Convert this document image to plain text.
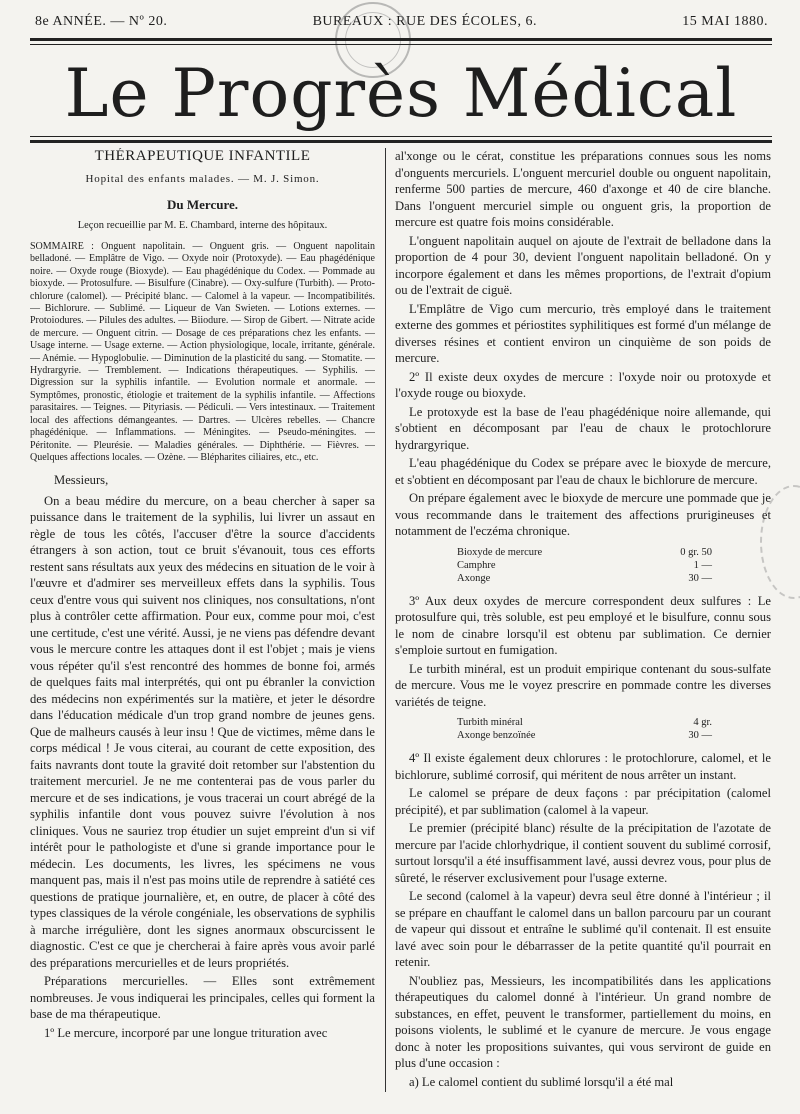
8e ANNÉE. — Nº 20.	BUREAUX : RUE DES ÉCOLES, 6.	15 MAI 1880.
Le Progrès Médical
THÉRAPEUTIQUE INFANTILE
Hopital des enfants malades. — M. J. Simon.
Du Mercure.
Leçon recueillie par M. E. Chambard, interne des hôpitaux.
SOMMAIRE : Onguent napolitain. — Onguent gris. — Onguent napolitain belladoné. — Emplâtre de Vigo. — Oxyde noir (Protoxyde). — Eau phagédénique noire. — Oxyde rouge (Bioxyde). — Eau phagédénique du Codex. — Pommade au bioxyde. — Protosulfure. — Bisulfure (Cinabre). — Oxy-sulfure (Turbith). — Proto-chlorure (calomel). — Précipité blanc. — Calomel à la vapeur. — Incompatibilités. — Bichlorure. — Sublimé. — Liqueur de Van Swieten. — Lotions externes. — Protoiodures. — Pilules des adultes. — Biiodure. — Sirop de Gibert. — Nitrate acide de mercure. — Onguent citrin. — Dosage de ces préparations chez les enfants. — Usage interne. — Usage externe. — Action physiologique, locale, irritante, générale. — Anémie. — Hypoglobulie. — Diminution de la plasticité du sang. — Stomatite. — Hydrargyrie. — Tremblement. — Indications thérapeutiques. — Syphilis. — Digression sur la syphilis infantile. — Evolution normale et anormale. — Symptômes, pronostic, étiologie et traitement de la syphilis infantile. — Affections parasitaires. — Teignes. — Pityriasis. — Pédiculi. — Vers intestinaux. — Traitement local des affections démangeantes. — Dartres. — Ulcères rebelles. — Chancre phagédénique. — Inflammations. — Méningites. — Pseudo-méningites. — Péritonite. — Pleurésie. — Maladies générales. — Diphthérie. — Fièvres. — Quelques affections locales. — Ozène. — Blépharites ciliaires, etc., etc.

Messieurs,

On a beau médire du mercure, on a beau chercher à saper sa puissance dans le traitement de la syphilis, lui livrer un assaut en règle de tous les côtés, l'accuser d'être la source d'accidents étrangers à son action, tout ce bruit s'évanouit, tous ces efforts restent sans résultats aux yeux des médecins en situation de le voir à l'œuvre et d'admirer ses merveilleux effets dans la syphilis. Tous ceux d'entre vous qui suivent nos cliniques, nos consultations, n'ont plus à contrôler cette affirmation. Pour eux, comme pour moi, c'est une certitude, c'est une vérité. Aussi, je ne viens pas défendre devant vous le mercure contre les attaques dont il est l'objet ; mais je viens vous répéter qu'il s'est rencontré des hommes de bonne foi, armés de quelques faits mal interprétés, qui ont pu ébranler la conviction des médecins non expérimentés sur la matière, et jeter le désordre dans l'éducation médicale d'un trop grand nombre de jeunes gens. Que de malheurs causés à leur insu ! Que de victimes, même dans le corps médical ! Je vous citerai, au courant de cette exposition, des faits navrants dont toute la gravité doit retomber sur l'abstention du traitement mercuriel. Je ne me contenterai pas de vous parler du mercure et de ses indications, je vous tracerai un court abrégé de la syphilis infantile dont vous pouvez suivre l'évolution à nos cliniques. Vous ne sauriez trop étudier un sujet empreint d'un si vif intérêt pour le pathologiste et d'une si grande importance pour le médecin. Les documents, les livres, les spécimens ne vous manquent pas, mais il n'est pas moins utile de reprendre à satiété ces questions de pratique journalière, et, en outre, de placer à côté des types classiques de la vérole congéniale, les observations de syphilis à marche irrégulière, dont les signes anormaux obscurcissent le diagnostic. C'est ce que je chercherai à faire après vous avoir parlé des préparations mercurielles et de leurs propriétés.

Préparations mercurielles. — Elles sont extrêmement nombreuses. Je vous indiquerai les principales, celles qui forment la base de ma thérapeutique.

1º Le mercure, incorporé par une longue trituration avec

al'xonge ou le cérat, constitue les préparations connues sous les noms d'onguents mercuriels. L'onguent mercuriel double ou onguent napolitain, renferme 500 parties de mercure, 460 d'axonge et 40 de cire blanche. Dans l'onguent mercuriel simple ou onguent gris, la proportion de mercure est quatre fois moins considérable.

L'onguent napolitain auquel on ajoute de l'extrait de belladone dans la proportion de 4 pour 30, devient l'onguent napolitain belladoné. On y incorpore également et dans les mêmes proportions, de l'extrait d'opium ou de l'extrait de ciguë.

L'Emplâtre de Vigo cum mercurio, très employé dans le traitement externe des gommes et périostites syphilitiques est formé d'un mélange de diverses résines et contient environ un cinquième de son poids de mercure.

2º Il existe deux oxydes de mercure : l'oxyde noir ou protoxyde et l'oxyde rouge ou bioxyde.

Le protoxyde est la base de l'eau phagédénique noire allemande, qui s'obtient en décomposant par l'eau de chaux le protochlorure hydrargyrique.

L'eau phagédénique du Codex se prépare avec le bioxyde de mercure, et s'obtient en décomposant par l'eau de chaux le bichlorure de mercure.

On prépare également avec le bioxyde de mercure une pommade que je vous recommande dans le traitement des affections prurigineuses et notamment de l'eczéma chronique.

Bioxyde de mercure	0 gr. 50
Camphre	1 —
Axonge	30 —

3º Aux deux oxydes de mercure correspondent deux sulfures : Le protosulfure qui, très soluble, est peu employé et le bisulfure, connu sous le nom de cinabre lorsqu'il est obtenu par sublimation. Ce dernier s'emploie surtout en fumigation.

Le turbith minéral, est un produit empirique contenant du sous-sulfate de mercure. Vous me le voyez prescrire en pommade contre les diverses variétés de teigne.

Turbith minéral	4 gr.
Axonge benzoïnée	30 —

4º Il existe également deux chlorures : le protochlorure, calomel, et le bichlorure, sublimé corrosif, qui méritent de nous arrêter un instant.

Le calomel se prépare de deux façons : par précipitation (calomel précipité), et par sublimation (calomel à la vapeur.

Le premier (précipité blanc) résulte de la précipitation de l'azotate de mercure par l'acide chlorhydrique, il contient souvent du sublimé corrosif, surtout lorsqu'il a été insuffisamment lavé, aussi devrez vous, pour plus de sûreté, le réserver exclusivement pour l'usage externe.

Le second (calomel à la vapeur) devra seul être donné à l'intérieur ; il se prépare en chauffant le calomel dans un ballon parcouru par un courant de vapeur qui dissout et entraîne le sublimé qu'il contenait. Il est ensuite lavé avec soin pour le débarrasser de la petite quantité qu'il pourrait en retenir.

N'oubliez pas, Messieurs, les incompatibilités dans les applications thérapeutiques du calomel donné à l'intérieur. Un grand nombre de substances, en effet, peuvent le transformer, partiellement du moins, en poisons violents, le sublimé et le cyanure de mercure. Je vous engage donc à noter les propositions suivantes, qui vous serviront de guide en plus d'une occasion :

a) Le calomel contient du sublimé lorsqu'il a été mal
